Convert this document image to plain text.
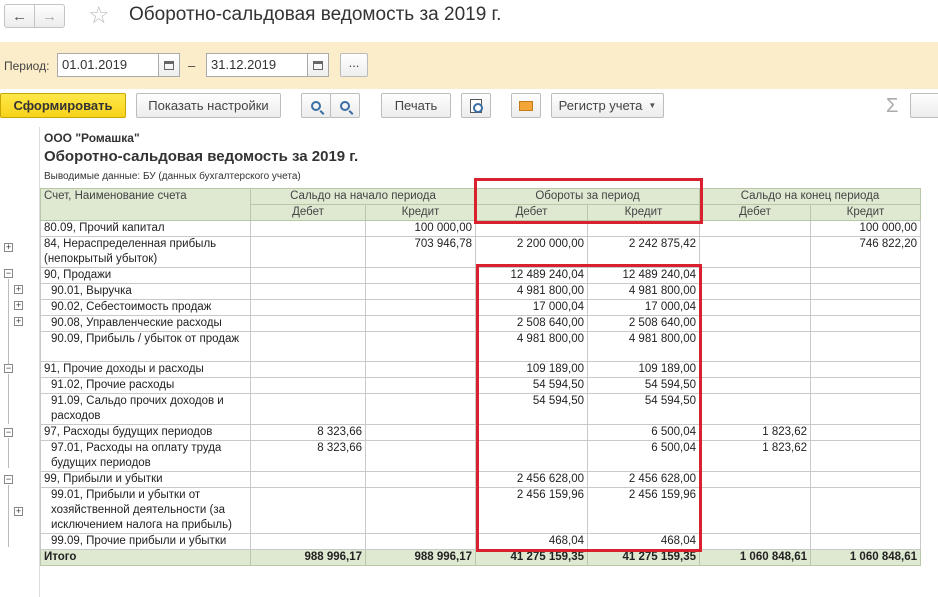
← → ☆ Оборотно-сальдовая ведомость за 2019 г.
Период: 01.01.2019	–	31.12.2019	...
Сформировать	Показать настройки	Печать	Регистр учета ▼	Σ
ООО "Ромашка"
Оборотно-сальдовая ведомость за 2019 г.
Выводимые данные: БУ (данных бухгалтерского учета)
Счет, Наименование счета	Сальдо на начало периода		Обороты за период		Сальдо на конец периода	
	Дебет	Кредит	Дебет	Кредит	Дебет	Кредит
80.09, Прочий капитал		100 000,00				100 000,00
84, Нераспределенная прибыль (непокрытый убыток)		703 946,78	2 200 000,00	2 242 875,42		746 822,20
90, Продажи			12 489 240,04	12 489 240,04		
90.01, Выручка			4 981 800,00	4 981 800,00		
90.02, Себестоимость продаж			17 000,04	17 000,04		
90.08, Управленческие расходы			2 508 640,00	2 508 640,00		
90.09, Прибыль / убыток от продаж			4 981 800,00	4 981 800,00		
91, Прочие доходы и расходы			109 189,00	109 189,00		
91.02, Прочие расходы			54 594,50	54 594,50		
91.09, Сальдо прочих доходов и расходов			54 594,50	54 594,50		
97, Расходы будущих периодов	8 323,66			6 500,04	1 823,62	
97.01, Расходы на оплату труда будущих периодов	8 323,66			6 500,04	1 823,62	
99, Прибыли и убытки			2 456 628,00	2 456 628,00		
99.01, Прибыли и убытки от хозяйственной деятельности (за исключением налога на прибыль)			2 456 159,96	2 456 159,96		
99.09, Прочие прибыли и убытки			468,04	468,04		
Итого	988 996,17	988 996,17	41 275 159,35	41 275 159,35	1 060 848,61	1 060 848,61
+
−
+
+
+
−
−
−
+
